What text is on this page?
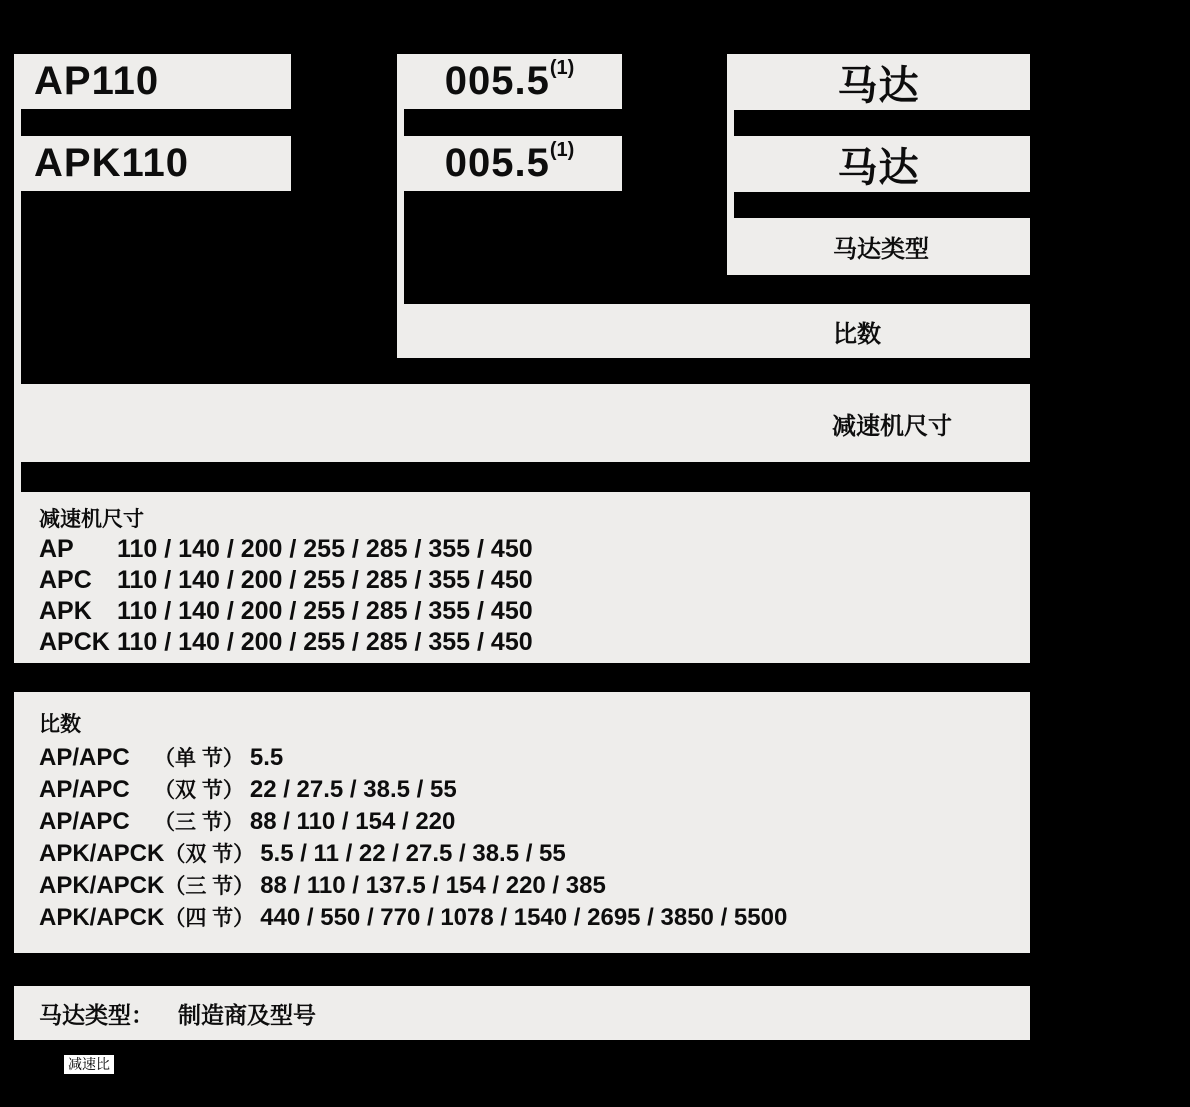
AP110
APK110
005.5 (1)
005.5 (1)
马达
马达
马达类型
比数
减速机尺寸
减速机尺寸
AP 110 / 140 / 200 / 255 / 285 / 355 / 450
APC 110 / 140 / 200 / 255 / 285 / 355 / 450
APK 110 / 140 / 200 / 255 / 285 / 355 / 450
APCK 110 / 140 / 200 / 255 / 285 / 355 / 450
比数
AP/APC （单 节） 5.5
AP/APC （双 节） 22 / 27.5 / 38.5 / 55
AP/APC （三 节） 88 / 110 / 154 / 220
APK/APCK（双 节） 5.5 / 11 / 22 / 27.5 / 38.5 / 55
APK/APCK（三 节） 88 / 110 / 137.5 / 154 / 220 / 385
APK/APCK（四 节） 440 / 550 / 770 / 1078 / 1540 / 2695 / 3850 / 5500
马达类型： 制造商及型号
减速比
